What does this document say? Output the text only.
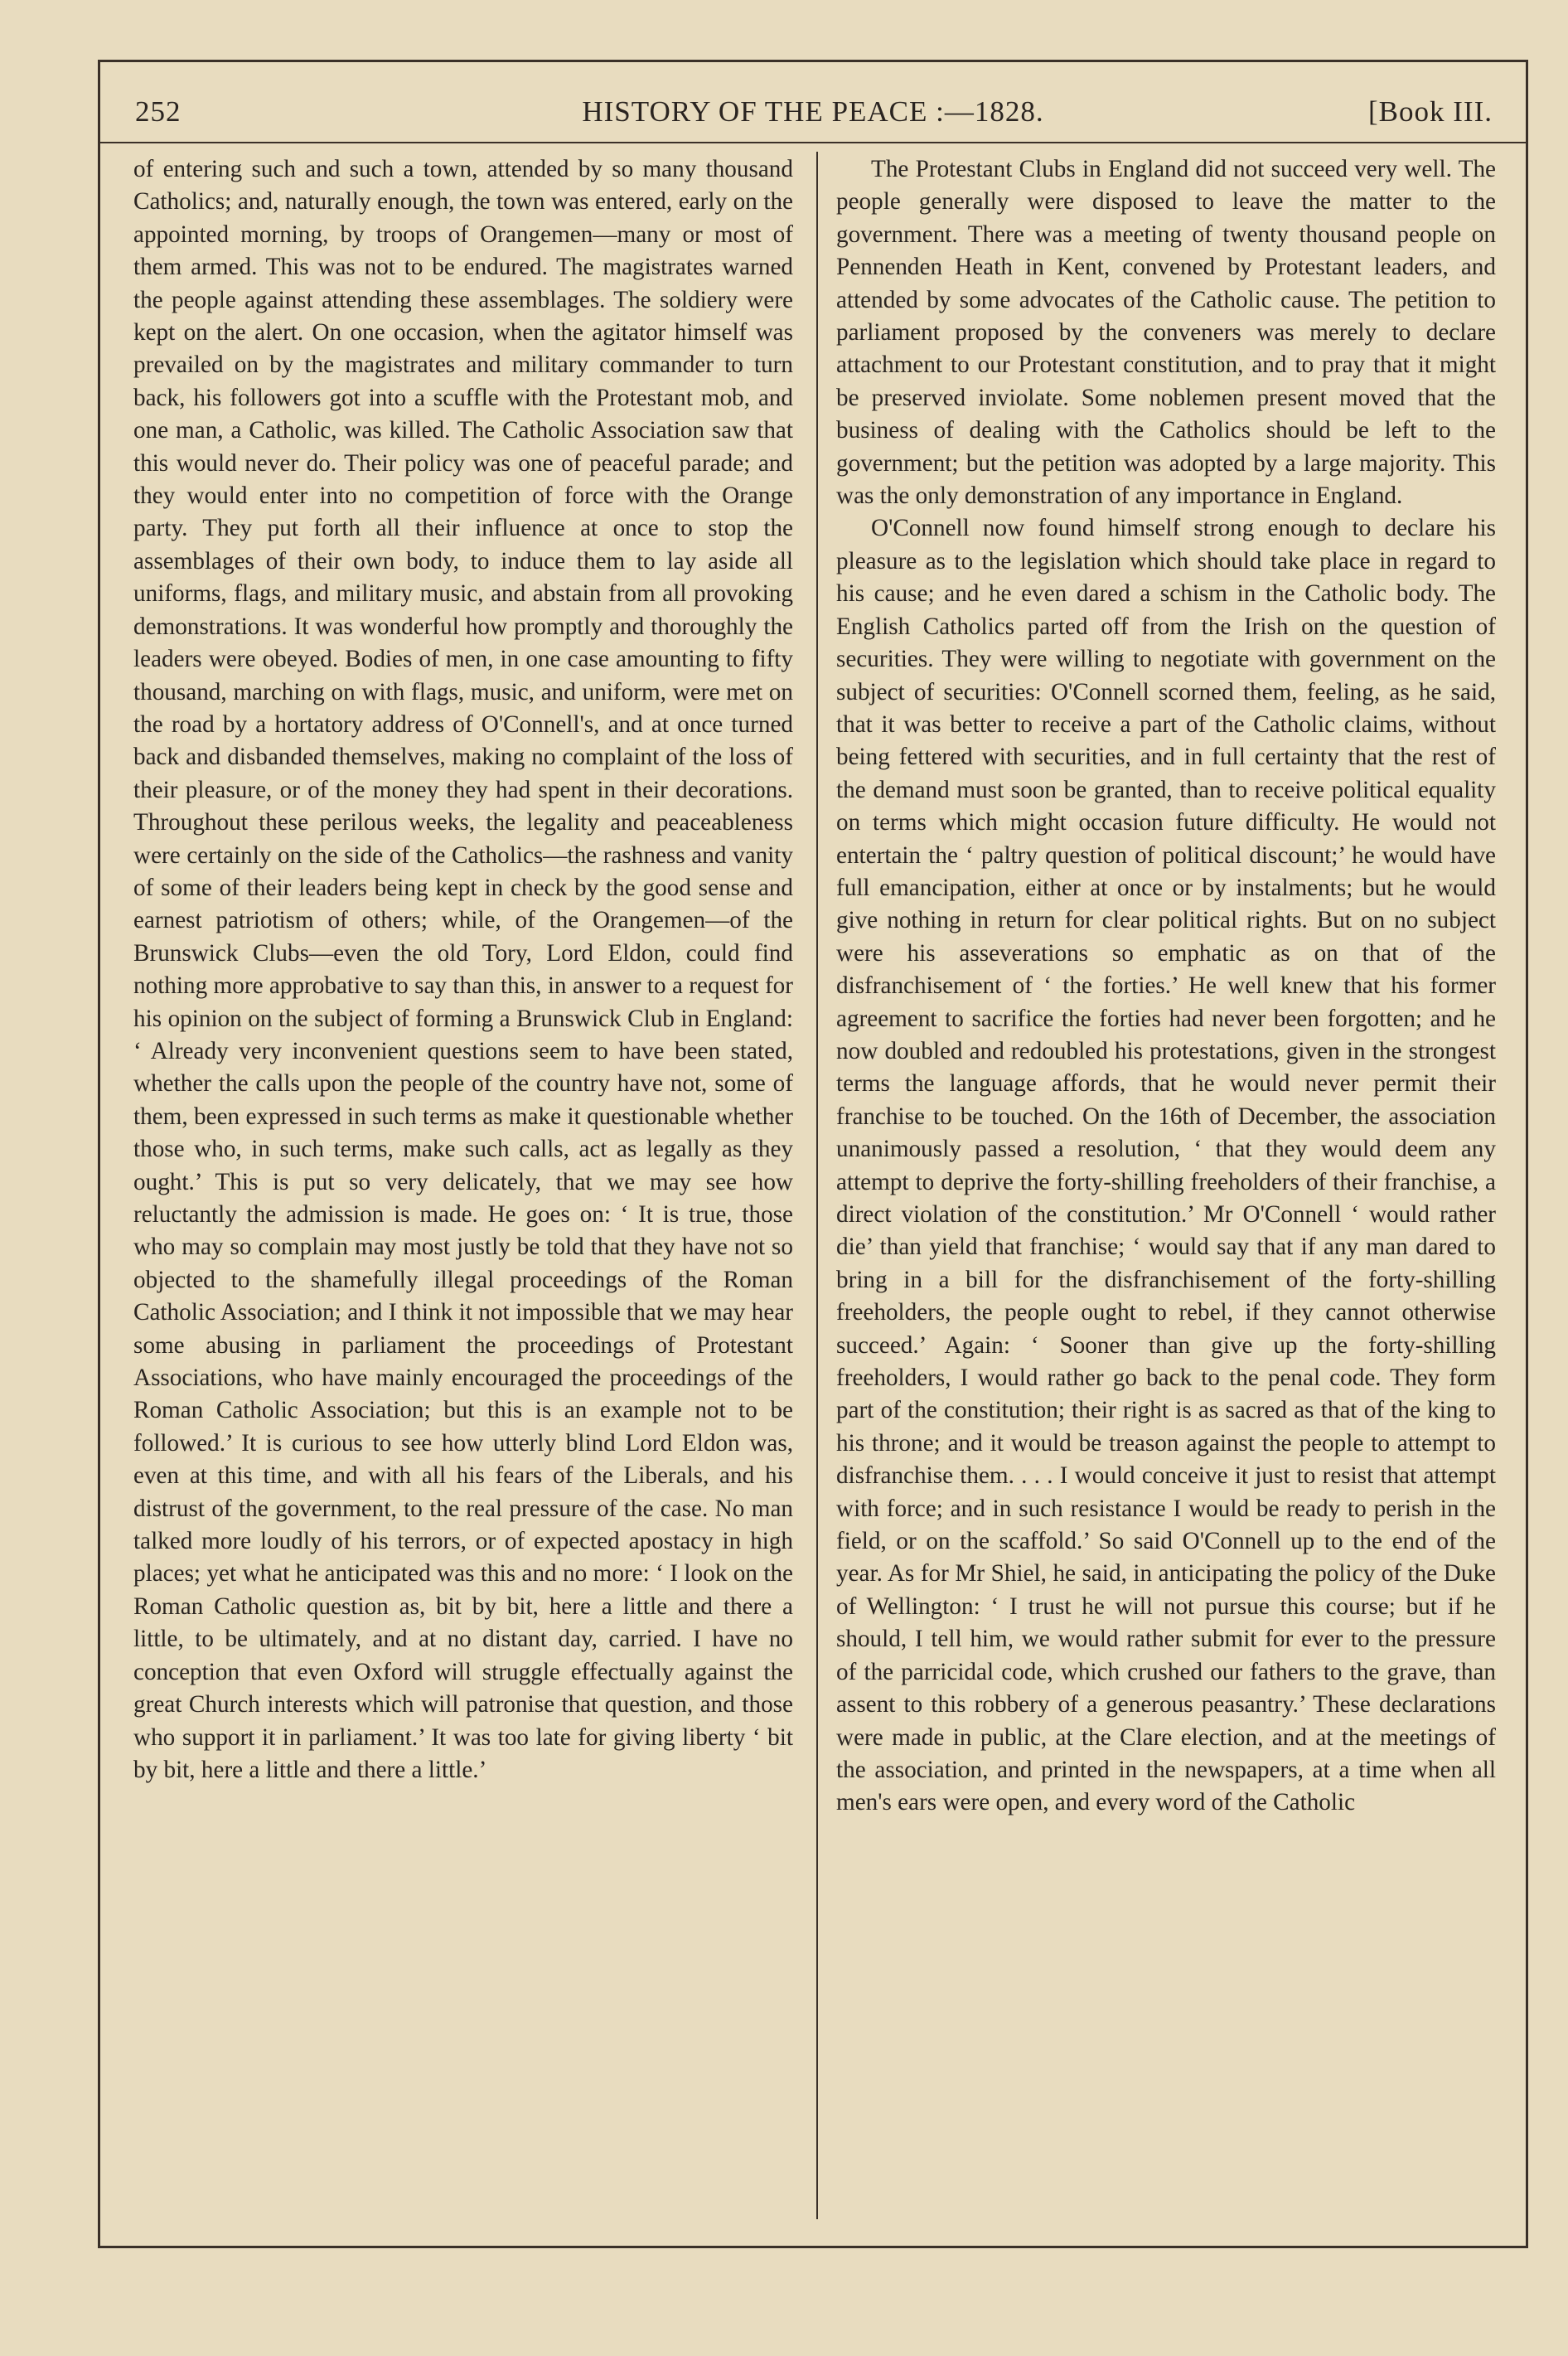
252	HISTORY OF THE PEACE :—1828.	[Book III.

of entering such and such a town, attended by so many thousand Catholics; and, naturally enough, the town was entered, early on the appointed morning, by troops of Orangemen—many or most of them armed. This was not to be endured. The magistrates warned the people against attending these assemblages. The soldiery were kept on the alert. On one occasion, when the agitator himself was prevailed on by the magistrates and military commander to turn back, his followers got into a scuffle with the Protestant mob, and one man, a Catholic, was killed. The Catholic Association saw that this would never do. Their policy was one of peaceful parade; and they would enter into no competition of force with the Orange party. They put forth all their influence at once to stop the assemblages of their own body, to induce them to lay aside all uniforms, flags, and military music, and abstain from all provoking demonstrations. It was wonderful how promptly and thoroughly the leaders were obeyed. Bodies of men, in one case amounting to fifty thousand, marching on with flags, music, and uniform, were met on the road by a hortatory address of O'Connell's, and at once turned back and disbanded themselves, making no complaint of the loss of their pleasure, or of the money they had spent in their decorations. Throughout these perilous weeks, the legality and peaceableness were certainly on the side of the Catholics—the rashness and vanity of some of their leaders being kept in check by the good sense and earnest patriotism of others; while, of the Orangemen—of the Brunswick Clubs—even the old Tory, Lord Eldon, could find nothing more approbative to say than this, in answer to a request for his opinion on the subject of forming a Brunswick Club in England: ‘ Already very inconvenient questions seem to have been stated, whether the calls upon the people of the country have not, some of them, been expressed in such terms as make it questionable whether those who, in such terms, make such calls, act as legally as they ought.’ This is put so very delicately, that we may see how reluctantly the admission is made. He goes on: ‘ It is true, those who may so complain may most justly be told that they have not so objected to the shamefully illegal proceedings of the Roman Catholic Association; and I think it not impossible that we may hear some abusing in parliament the proceedings of Protestant Associations, who have mainly encouraged the proceedings of the Roman Catholic Association; but this is an example not to be followed.’ It is curious to see how utterly blind Lord Eldon was, even at this time, and with all his fears of the Liberals, and his distrust of the government, to the real pressure of the case. No man talked more loudly of his terrors, or of expected apostacy in high places; yet what he anticipated was this and no more: ‘ I look on the Roman Catholic question as, bit by bit, here a little and there a little, to be ultimately, and at no distant day, carried. I have no conception that even Oxford will struggle effectually against the great Church interests which will patronise that question, and those who support it in parliament.’ It was too late for giving liberty ‘ bit by bit, here a little and there a little.’

The Protestant Clubs in England did not succeed very well. The people generally were disposed to leave the matter to the government. There was a meeting of twenty thousand people on Pennenden Heath in Kent, convened by Protestant leaders, and attended by some advocates of the Catholic cause. The petition to parliament proposed by the conveners was merely to declare attachment to our Protestant constitution, and to pray that it might be preserved inviolate. Some noblemen present moved that the business of dealing with the Catholics should be left to the government; but the petition was adopted by a large majority. This was the only demonstration of any importance in England.

O'Connell now found himself strong enough to declare his pleasure as to the legislation which should take place in regard to his cause; and he even dared a schism in the Catholic body. The English Catholics parted off from the Irish on the question of securities. They were willing to negotiate with government on the subject of securities: O'Connell scorned them, feeling, as he said, that it was better to receive a part of the Catholic claims, without being fettered with securities, and in full certainty that the rest of the demand must soon be granted, than to receive political equality on terms which might occasion future difficulty. He would not entertain the ‘ paltry question of political discount;’ he would have full emancipation, either at once or by instalments; but he would give nothing in return for clear political rights. But on no subject were his asseverations so emphatic as on that of the disfranchisement of ‘ the forties.’ He well knew that his former agreement to sacrifice the forties had never been forgotten; and he now doubled and redoubled his protestations, given in the strongest terms the language affords, that he would never permit their franchise to be touched. On the 16th of December, the association unanimously passed a resolution, ‘ that they would deem any attempt to deprive the forty-shilling freeholders of their franchise, a direct violation of the constitution.’ Mr O'Connell ‘ would rather die’ than yield that franchise; ‘ would say that if any man dared to bring in a bill for the disfranchisement of the forty-shilling freeholders, the people ought to rebel, if they cannot otherwise succeed.’ Again: ‘ Sooner than give up the forty-shilling freeholders, I would rather go back to the penal code. They form part of the constitution; their right is as sacred as that of the king to his throne; and it would be treason against the people to attempt to disfranchise them. . . . I would conceive it just to resist that attempt with force; and in such resistance I would be ready to perish in the field, or on the scaffold.’ So said O'Connell up to the end of the year. As for Mr Shiel, he said, in anticipating the policy of the Duke of Wellington: ‘ I trust he will not pursue this course; but if he should, I tell him, we would rather submit for ever to the pressure of the parricidal code, which crushed our fathers to the grave, than assent to this robbery of a generous peasantry.’ These declarations were made in public, at the Clare election, and at the meetings of the association, and printed in the newspapers, at a time when all men's ears were open, and every word of the Catholic
